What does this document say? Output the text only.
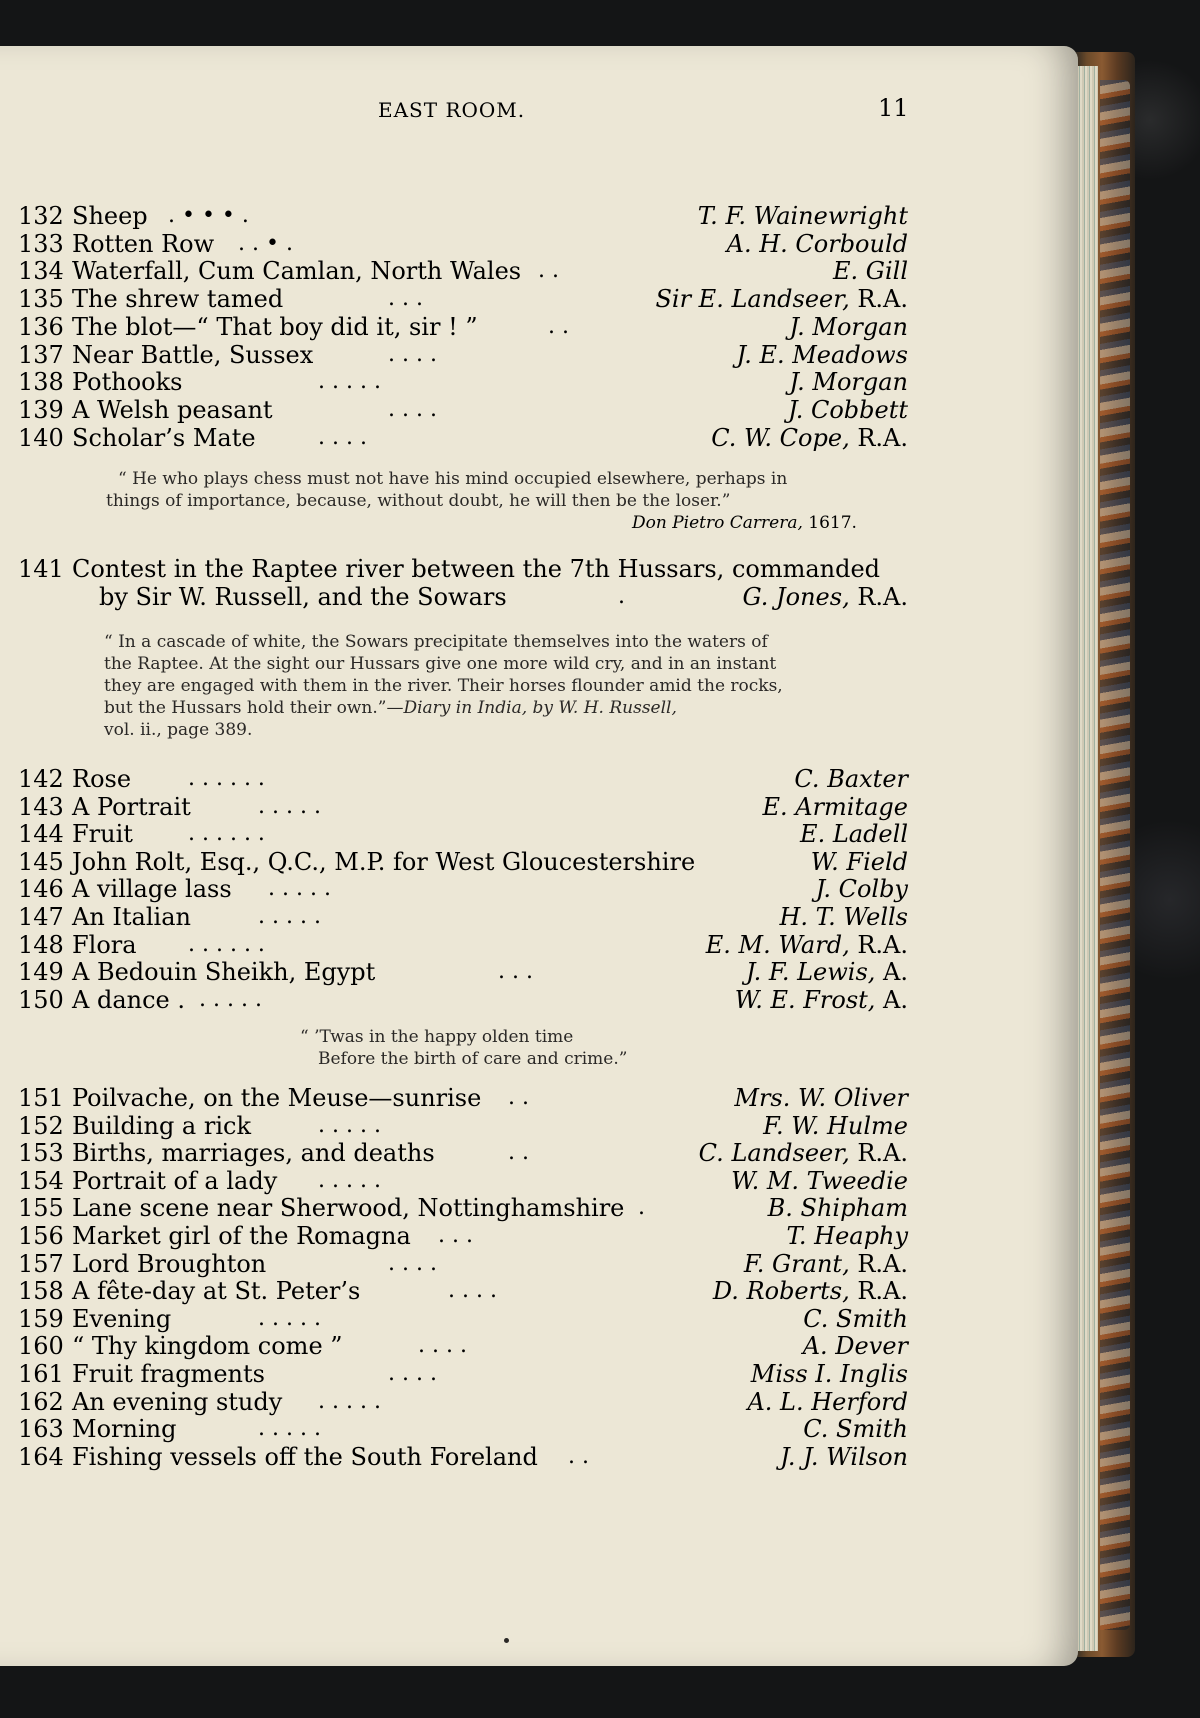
EAST ROOM.	11
132 Sheep . • • • .	T. F. Wainewright
133 Rotten Row . . • .	A. H. Corbould
134 Waterfall, Cum Camlan, North Wales . .	E. Gill
135 The shrew tamed	. . .	Sir E. Landseer, R.A.
136 The blot—“ That boy did it, sir ! ”	. .	J. Morgan
137 Near Battle, Sussex	. . . .	J. E. Meadows
138 Pothooks	. . . . .	J. Morgan
139 A Welsh peasant	. . . .	J. Cobbett
140 Scholar’s Mate	. . . .	C. W. Cope, R.A.
“ He who plays chess must not have his mind occupied elsewhere, perhaps in
things of importance, because, without doubt, he will then be the loser.”
Don Pietro Carrera, 1617.
141 Contest in the Raptee river between the 7th Hussars, commanded
by Sir W. Russell, and the Sowars	.	G. Jones, R.A.
“ In a cascade of white, the Sowars precipitate themselves into the waters of
the Raptee. At the sight our Hussars give one more wild cry, and in an instant
they are engaged with them in the river. Their horses flounder amid the rocks,
but the Hussars hold their own.”—Diary in India, by W. H. Russell,
vol. ii., page 389.
142 Rose	. . . . . .	C. Baxter
143 A Portrait	. . . . .	E. Armitage
144 Fruit	. . . . . .	E. Ladell
145 John Rolt, Esq., Q.C., M.P. for West Gloucestershire	W. Field
146 A village lass . . . . .	J. Colby
147 An Italian	. . . . .	H. T. Wells
148 Flora . . . . . .	E. M. Ward, R.A.
149 A Bedouin Sheikh, Egypt	. . .	J. F. Lewis, A.
150 A dance . . . . . .	W. E. Frost, A.
“ ’Twas in the happy olden time
Before the birth of care and crime.”
151 Poilvache, on the Meuse—sunrise . .	Mrs. W. Oliver
152 Building a rick	. . . . .	F. W. Hulme
153 Births, marriages, and deaths	. .	C. Landseer, R.A.
154 Portrait of a lady . . . . .	W. M. Tweedie
155 Lane scene near Sherwood, Nottinghamshire .	B. Shipham
156 Market girl of the Romagna . . .	T. Heaphy
157 Lord Broughton	. . . .	F. Grant, R.A.
158 A fête-day at St. Peter’s	. . . .	D. Roberts, R.A.
159 Evening	. . . . .	C. Smith
160 “ Thy kingdom come ”	. . . .	A. Dever
161 Fruit fragments	. . . .	Miss I. Inglis
162 An evening study . . . . .	A. L. Herford
163 Morning	. . . . .	C. Smith
164 Fishing vessels off the South Foreland . .	J. J. Wilson
